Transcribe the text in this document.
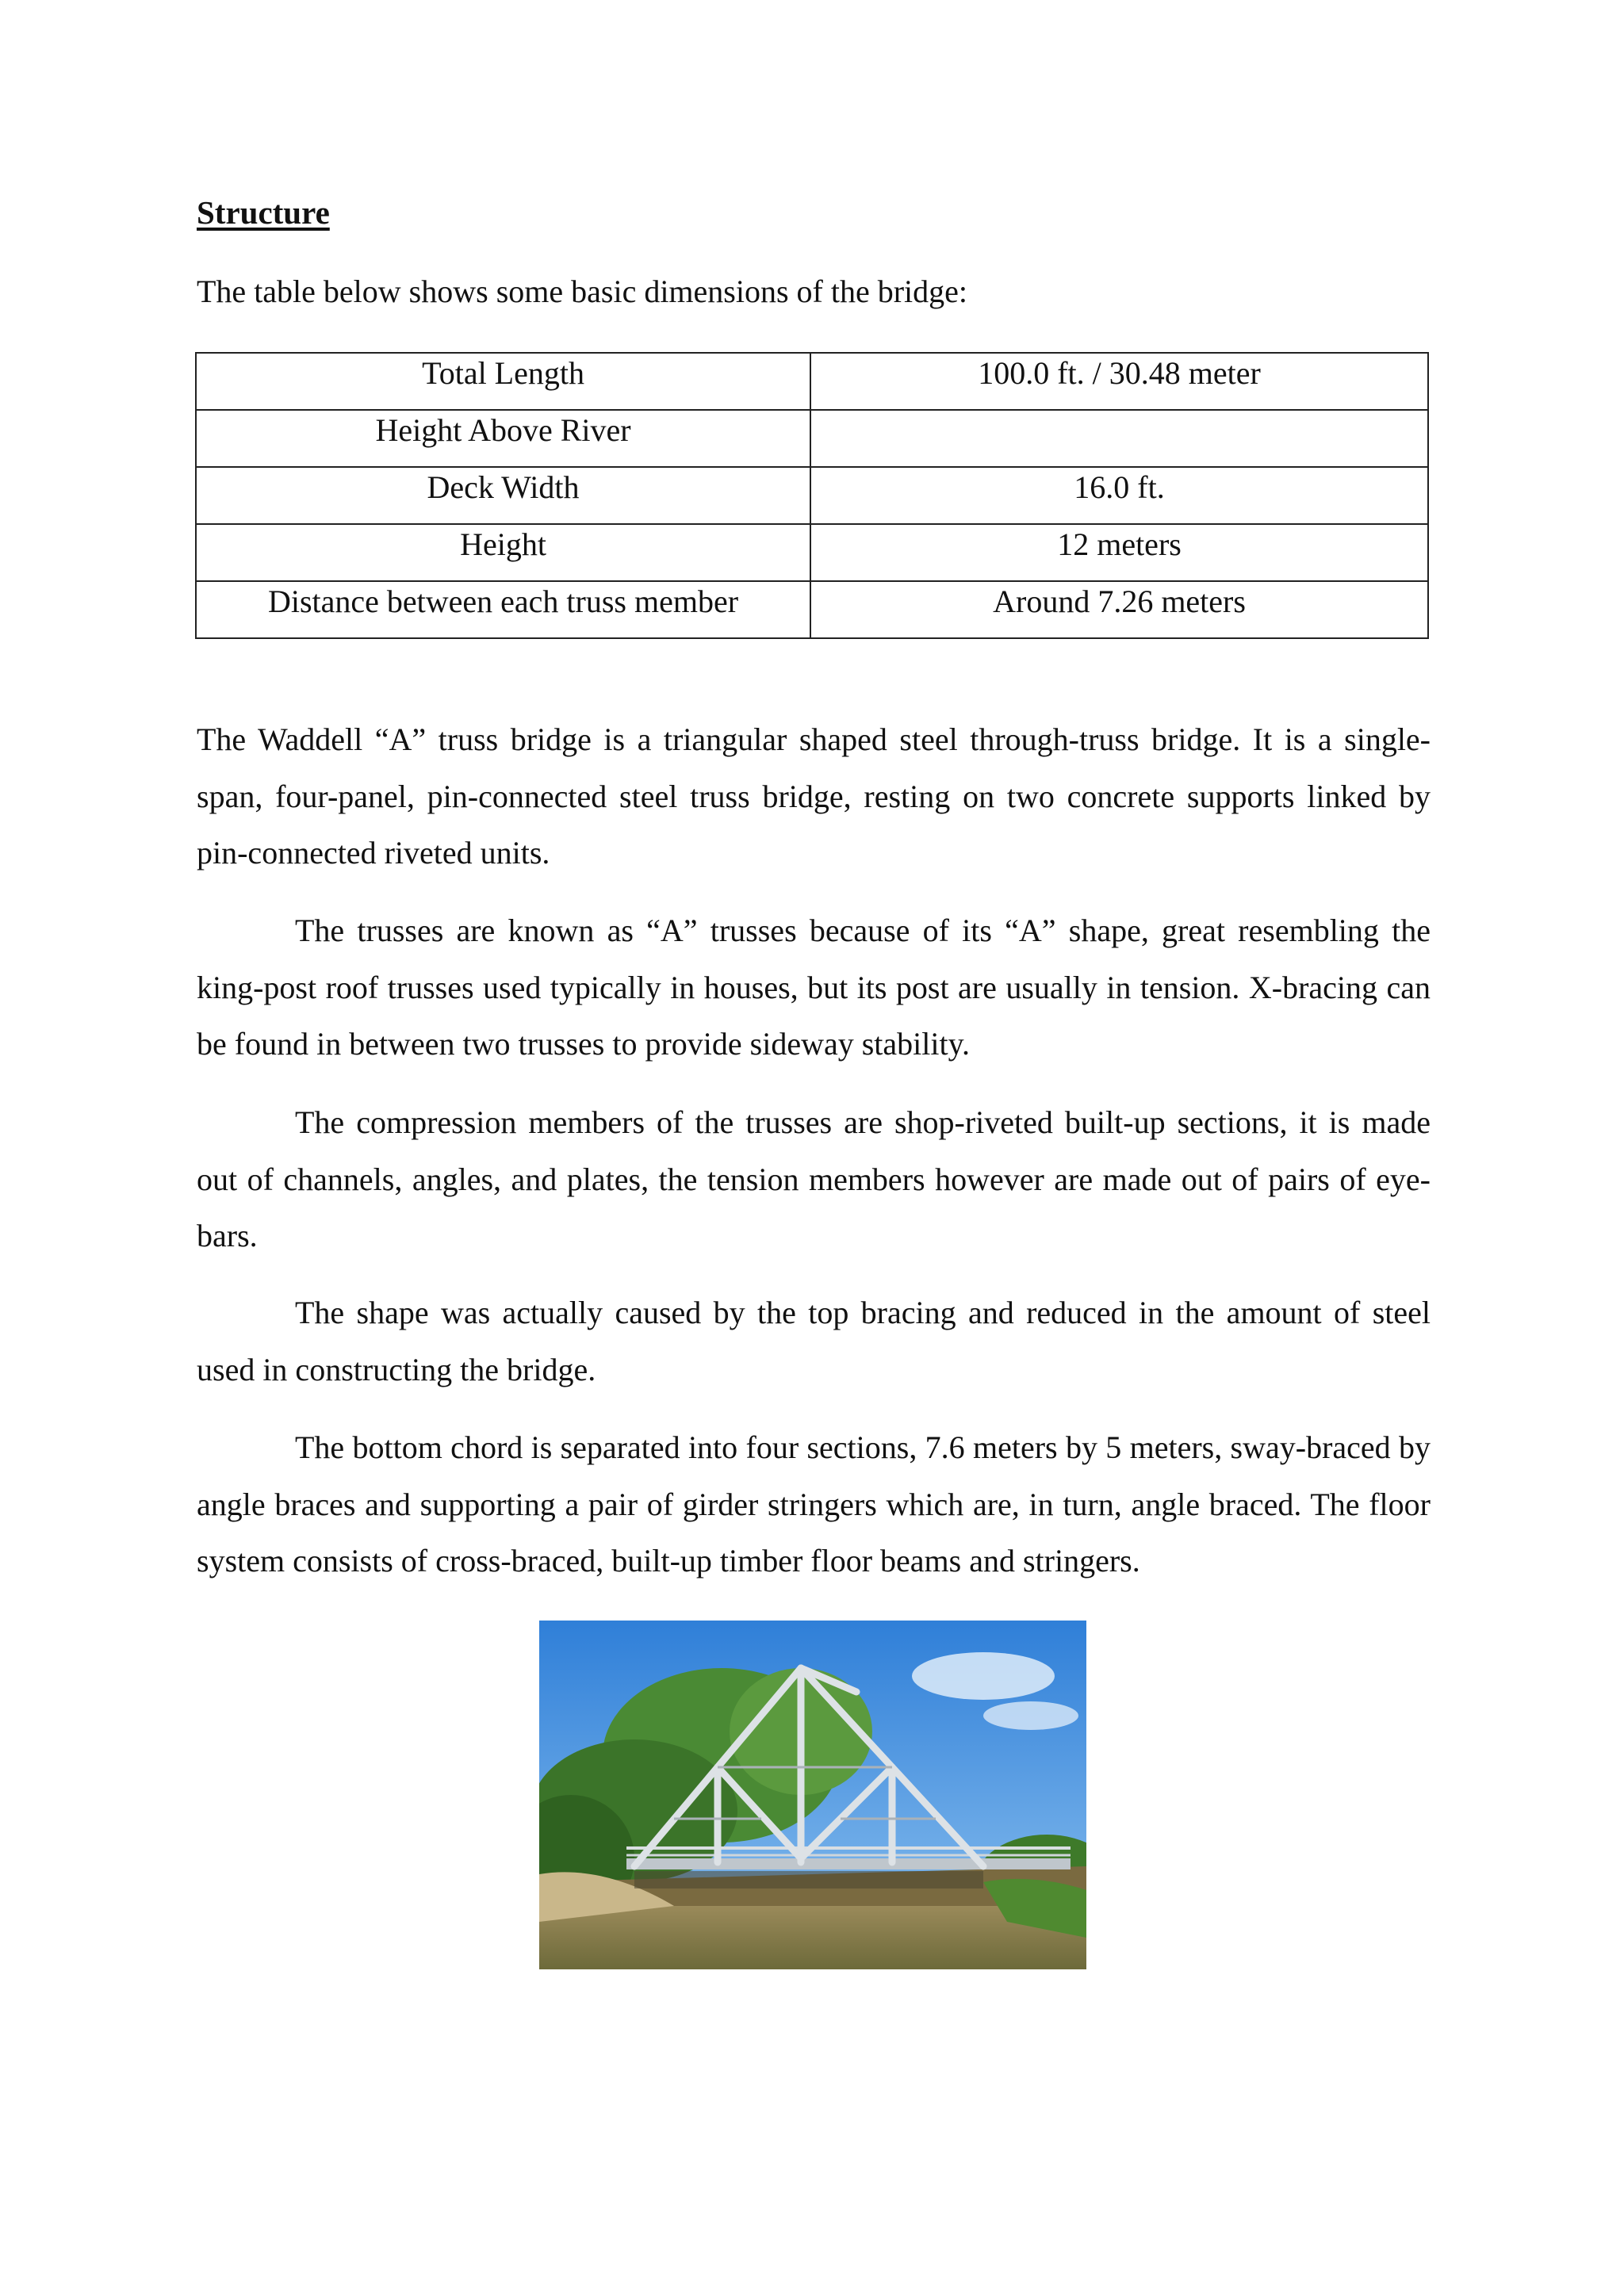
Structure
The table below shows some basic dimensions of the bridge:
Total Length	100.0 ft. / 30.48 meter
Height Above River	
Deck Width	16.0 ft.
Height	12 meters
Distance between each truss member	Around 7.26 meters

The Waddell “A” truss bridge is a triangular shaped steel through-truss bridge. It is a single-span, four-panel, pin-connected steel truss bridge, resting on two concrete supports linked by pin-connected riveted units.

The trusses are known as “A” trusses because of its “A” shape, great resembling the king-post roof trusses used typically in houses, but its post are usually in tension. X-bracing can be found in between two trusses to provide sideway stability.

The compression members of the trusses are shop-riveted built-up sections, it is made out of channels, angles, and plates, the tension members however are made out of pairs of eye-bars.

The shape was actually caused by the top bracing and reduced in the amount of steel used in constructing the bridge.

The bottom chord is separated into four sections, 7.6 meters by 5 meters, sway-braced by angle braces and supporting a pair of girder stringers which are, in turn, angle braced. The floor system consists of cross-braced, built-up timber floor beams and stringers.
